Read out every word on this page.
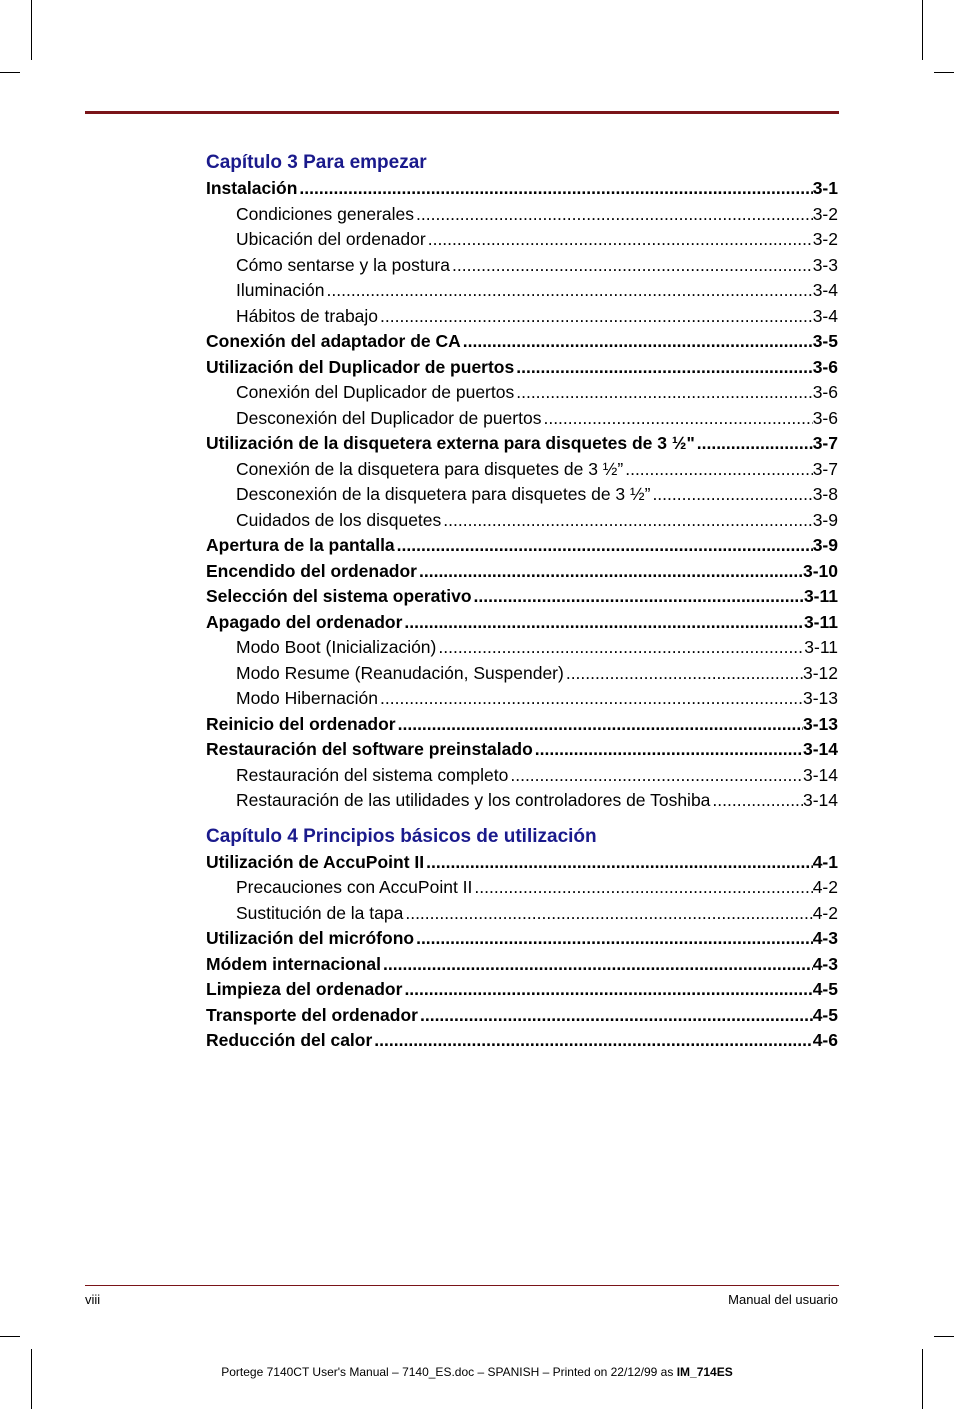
Capítulo 3 Para empezar
Instalación .....	3-1
Condiciones generales .....	3-2
Ubicación del ordenador .....	3-2
Cómo sentarse y la postura .....	3-3
Iluminación .....	3-4
Hábitos de trabajo .....	3-4
Conexión del adaptador de CA .....	3-5
Utilización del Duplicador de puertos .....	3-6
Conexión del Duplicador de puertos .....	3-6
Desconexión del Duplicador de puertos .....	3-6
Utilización de la disquetera externa para disquetes de 3 ½" .....	3-7
Conexión de la disquetera para disquetes de 3 ½” .....	3-7
Desconexión de la disquetera para disquetes de 3 ½” .....	3-8
Cuidados de los disquetes .....	3-9
Apertura de la pantalla .....	3-9
Encendido del ordenador .....	3-10
Selección del sistema operativo .....	3-11
Apagado del ordenador .....	3-11
Modo Boot (Inicialización) .....	3-11
Modo Resume (Reanudación, Suspender) .....	3-12
Modo Hibernación .....	3-13
Reinicio del ordenador .....	3-13
Restauración del software preinstalado .....	3-14
Restauración del sistema completo .....	3-14
Restauración de las utilidades y los controladores de Toshiba .....	3-14
Capítulo 4 Principios básicos de utilización
Utilización de AccuPoint II .....	4-1
Precauciones con AccuPoint II .....	4-2
Sustitución de la tapa .....	4-2
Utilización del micrófono .....	4-3
Módem internacional .....	4-3
Limpieza del ordenador .....	4-5
Transporte del ordenador .....	4-5
Reducción del calor .....	4-6
viii	Manual del usuario
Portege 7140CT User's Manual – 7140_ES.doc – SPANISH – Printed on 22/12/99 as IM_714ES
